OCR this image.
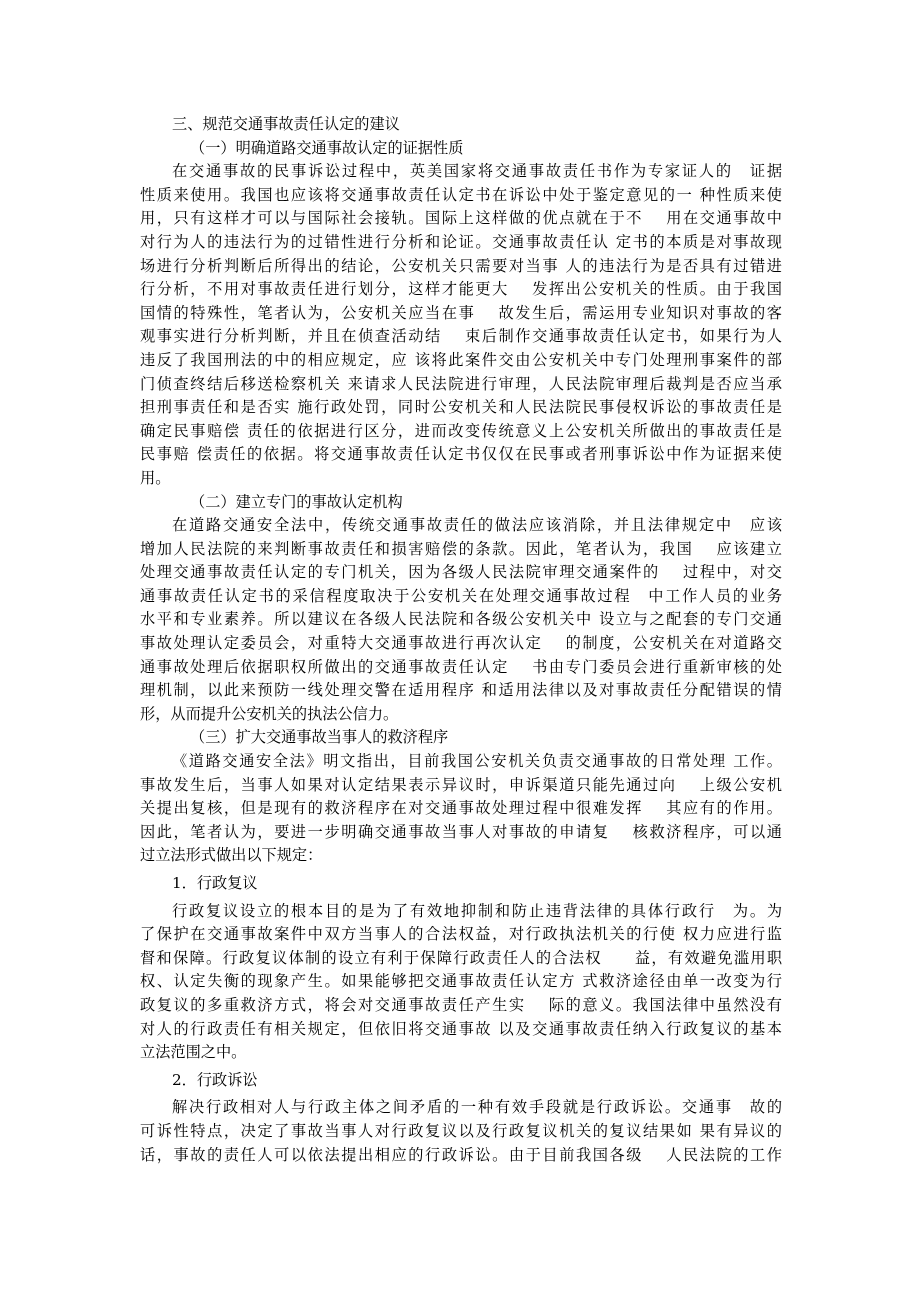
三、规范交通事故责任认定的建议
（一）明确道路交通事故认定的证据性质
在交通事故的民事诉讼过程中，英美国家将交通事故责任书作为专家证人的　证据
性质来使用。我国也应该将交通事故责任认定书在诉讼中处于鉴定意见的一 种性质来使
用，只有这样才可以与国际社会接轨。国际上这样做的优点就在于不　 用在交通事故中
对行为人的违法行为的过错性进行分析和论证。交通事故责任认 定书的本质是对事故现
场进行分析判断后所得出的结论，公安机关只需要对当事 人的违法行为是否具有过错进
行分析，不用对事故责任进行划分，这样才能更大　 发挥出公安机关的性质。由于我国
国情的特殊性，笔者认为，公安机关应当在事　 故发生后，需运用专业知识对事故的客
观事实进行分析判断，并且在侦查活动结　 束后制作交通事故责任认定书，如果行为人
违反了我国刑法的中的相应规定，应 该将此案件交由公安机关中专门处理刑事案件的部
门侦查终结后移送检察机关 来请求人民法院进行审理，人民法院审理后裁判是否应当承
担刑事责任和是否实 施行政处罚，同时公安机关和人民法院民事侵权诉讼的事故责任是
确定民事赔偿 责任的依据进行区分，进而改变传统意义上公安机关所做出的事故责任是
民事赔 偿责任的依据。将交通事故责任认定书仅仅在民事或者刑事诉讼中作为证据来使
用。
（二）建立专门的事故认定机构
在道路交通安全法中，传统交通事故责任的做法应该消除，并且法律规定中　应该
增加人民法院的来判断事故责任和损害赔偿的条款。因此，笔者认为，我国　 应该建立
处理交通事故责任认定的专门机关，因为各级人民法院审理交通案件的　 过程中，对交
通事故责任认定书的采信程度取决于公安机关在处理交通事故过程　中工作人员的业务
水平和专业素养。所以建议在各级人民法院和各级公安机关中 设立与之配套的专门交通
事故处理认定委员会，对重特大交通事故进行再次认定　 的制度，公安机关在对道路交
通事故处理后依据职权所做出的交通事故责任认定　 书由专门委员会进行重新审核的处
理机制，以此来预防一线处理交警在适用程序 和适用法律以及对事故责任分配错误的情
形，从而提升公安机关的执法公信力。
（三）扩大交通事故当事人的救济程序
《道路交通安全法》明文指出，目前我国公安机关负责交通事故的日常处理 工作。
事故发生后，当事人如果对认定结果表示异议时，申诉渠道只能先通过向　 上级公安机
关提出复核，但是现有的救济程序在对交通事故处理过程中很难发挥　 其应有的作用。
因此，笔者认为，要进一步明确交通事故当事人对事故的申请复　 核救济程序，可以通
过立法形式做出以下规定：
1．行政复议
行政复议设立的根本目的是为了有效地抑制和防止违背法律的具体行政行　为。为
了保护在交通事故案件中双方当事人的合法权益，对行政执法机关的行使 权力应进行监
督和保障。行政复议体制的设立有利于保障行政责任人的合法权　　益，有效避免滥用职
权、认定失衡的现象产生。如果能够把交通事故责任认定方 式救济途径由单一改变为行
政复议的多重救济方式，将会对交通事故责任产生实　 际的意义。我国法律中虽然没有
对人的行政责任有相关规定，但依旧将交通事故 以及交通事故责任纳入行政复议的基本
立法范围之中。
2．行政诉讼
解决行政相对人与行政主体之间矛盾的一种有效手段就是行政诉讼。交通事　故的
可诉性特点，决定了事故当事人对行政复议以及行政复议机关的复议结果如 果有异议的
话，事故的责任人可以依法提出相应的行政诉讼。由于目前我国各级　 人民法院的工作
